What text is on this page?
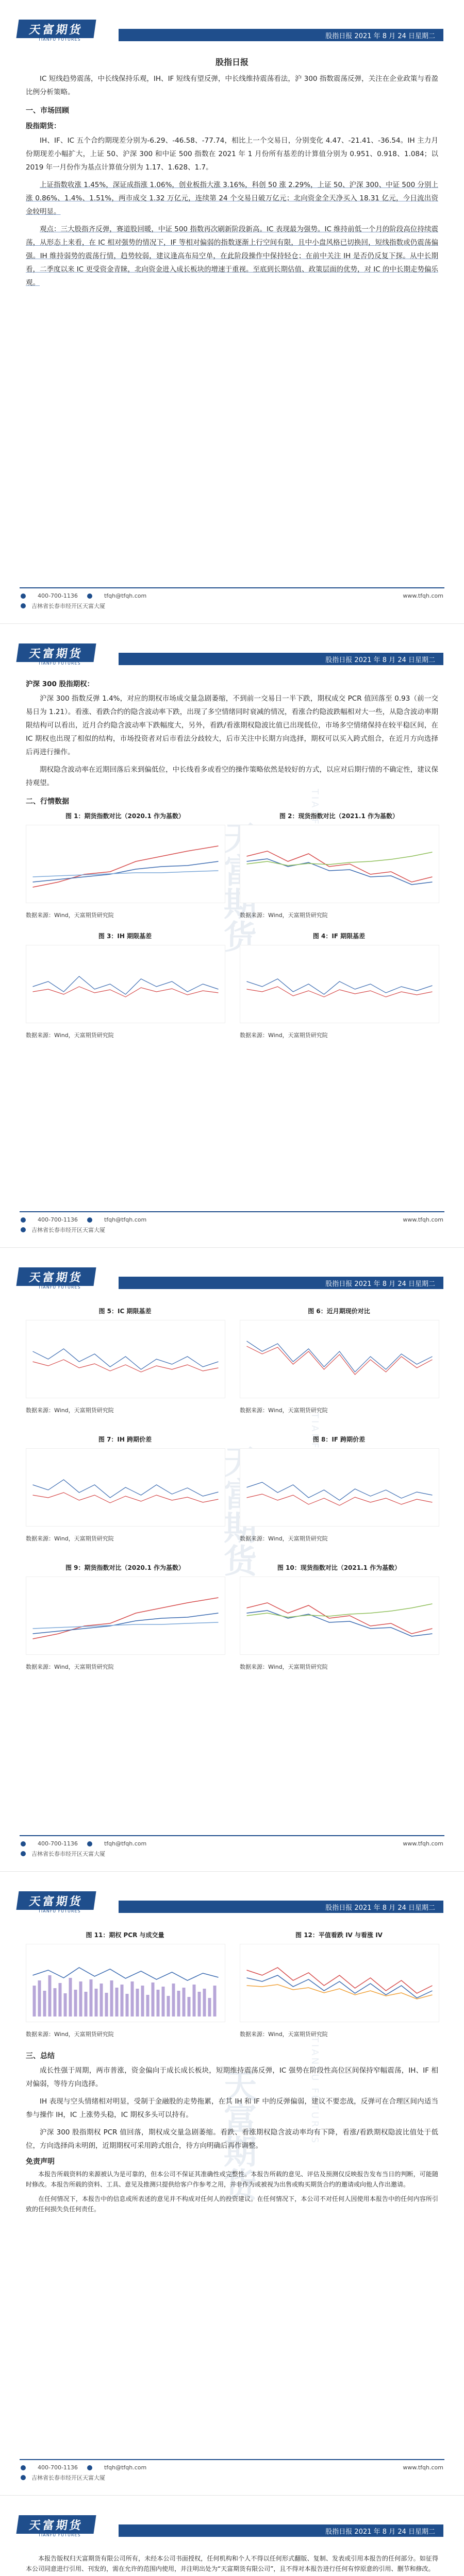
天富期货
TIANFU FUTURES	股指日报 2021 年 8 月 24 日星期二
股指日报
IC 短线趋势震荡，中长线保持乐观，IH、IF 短线有望反弹，中长线维持震荡看法，沪 300 指数震荡反弹，关注在企业政策与看盈比例分析策略。
一、市场回顾
股指期货：
IH、IF、IC 五个合约期现差分别为-6.29、-46.58、-77.74，相比上一个交易日，分别变化 4.47、-21.41、-36.54。IH 主力月份期现差小幅扩大，上证 50、沪深 300 和中证 500 指数在 2021 年 1 月份所有基差的计算值分别为 0.951、0.918、1.084；以 2019 年一月份作为基点计算值分别为 1.17、1.628、1.7。
上证指数收涨 1.45%，深证成指涨 1.06%，创业板指大涨 3.16%，科创 50 涨 2.29%，上证 50、沪深 300、中证 500 分别上涨 0.86%、1.4%、1.51%，两市成交 1.32 万亿元，连续第 24 个交易日破万亿元；北向资金全天净买入 18.31 亿元，今日流出资金较明显。
观点：三大股指齐反弹，赛道股回暖，中证 500 指数再次刷新阶段新高。IC 表现最为强势。IC 维持前低一个月的阶段高位持续震荡，从形态上来看，在 IC 相对强势的情况下，IF 等相对偏弱的指数逐渐上行空间有限，且中小盘风格已切换回，短线指数或仍震荡偏强。IH 维持弱势的震荡行情，趋势较弱，建议逢高布局空单，在此阶段操作中保持轻仓；在前中关注 IH 是否仍反复下探。从中长期看，二季度以来 IC 更受资金青睐，北向资金进入成长板块的增速于重视。至底到长期估值、政策层面的优势，对 IC 的中长期走势偏乐观。
400-700-1136	tfqh@tfqh.com
吉林省长春市经开区天富大厦
www.tfqh.com
天富期货
TIANFU FUTURES	股指日报 2021 年 8 月 24 日星期二
天富期货	TIANFU FUTURES
沪深 300 股指期权：
沪深 300 指数反弹 1.4%，对应的期权市场成交量急剧萎缩，不到前一交易日一半下跌，期权成交 PCR 值回落至 0.93（前一交易日为 1.21）。看涨、看跌合约的隐含波动率下跌，出现了多空情绪同时衰减的情况，看涨合约隐波跌幅相对大一些，从隐含波动率期限结构可以看出，近月合约隐含波动率下跌幅度大，另外，看跌/看涨期权隐波比值已出现低位，市场多空情绪保持在较平稳区间，在 IC 期权也出现了相似的结构，市场投资者对后市看法分歧较大，后市关注中长期方向选择，期权可以买入跨式组合，在近月方向选择后再进行操作。
期权隐含波动率在近期回落后来到偏低位，中长线看多或看空的操作策略依然是较好的方式，以应对后期行情的不确定性，建议保持观望。
二、行情数据
图 1：期货指数对比（2020.1 作为基数）
数据来源：Wind，天富期货研究院
图 2：现货指数对比（2021.1 作为基数）
数据来源：Wind，天富期货研究院
图 3：IH 期限基差
数据来源：Wind，天富期货研究院
图 4：IF 期限基差
数据来源：Wind，天富期货研究院
400-700-1136	tfqh@tfqh.com
吉林省长春市经开区天富大厦
www.tfqh.com
天富期货
TIANFU FUTURES	股指日报 2021 年 8 月 24 日星期二
天富期货	TIANFU FUTURES
图 5：IC 期限基差
数据来源：Wind，天富期货研究院
图 6：近月期现价对比
数据来源：Wind，天富期货研究院
图 7：IH 跨期价差
数据来源：Wind，天富期货研究院
图 8：IF 跨期价差
数据来源：Wind，天富期货研究院
图 9：期货指数对比（2020.1 作为基数）
数据来源：Wind，天富期货研究院
图 10：现货指数对比（2021.1 作为基数）
数据来源：Wind，天富期货研究院
400-700-1136	tfqh@tfqh.com
吉林省长春市经开区天富大厦
www.tfqh.com
天富期货
TIANFU FUTURES	股指日报 2021 年 8 月 24 日星期二
天富期货	TIANFU FUTURES
图 11：期权 PCR 与成交量
数据来源：Wind，天富期货研究院
图 12：平值看跌 IV 与看涨 IV
数据来源：Wind，天富期货研究院
三、总结
成长性强于周期，两市普涨，资金偏向于成长成长板块，短期维持震荡反弹，IC 强势在阶段性高位区间保持窄幅震荡，IH、IF 相对偏弱，等待方向选择。
IH 表现与空头情绪相对明显，受制于金融股的走势拖累，在其 IH 和 IF 中的反弹偏弱，建议不要恋战，反弹可在合理区间内适当参与操作 IH，IC 上涨势头稳，IC 期权多头可以持有。
沪深 300 股指期权 PCR 值回落，期权成交量急剧萎缩。看跌、看涨期权隐含波动率均有下降，看涨/看跌期权隐波比值处于低位，方向选择尚未明朗，近期期权可采用跨式组合，待方向明确后再作调整。
免责声明
本报告所载资料的来源被认为是可靠的，但本公司不保证其准确性或完整性。本报告所载的意见、评估及预测仅反映报告发布当日的判断，可能随时修改。本报告所载的资料、工具、意见及推测只提供给客户作参考之用，并非作为或被视为出售或购买期货合约的邀请或向他人作出邀请。
在任何情况下，本报告中的信息或所表述的意见并不构成对任何人的投资建议。在任何情况下，本公司不对任何人因使用本报告中的任何内容所引致的任何损失负任何责任。
400-700-1136	tfqh@tfqh.com
吉林省长春市经开区天富大厦
www.tfqh.com
天富期货
TIANFU FUTURES	股指日报 2021 年 8 月 24 日星期二
本报告版权归天富期货有限公司所有，未经本公司书面授权，任何机构和个人不得以任何形式翻版、复制、发表或引用本报告的任何部分。如征得本公司同意进行引用、刊发的，需在允许的范围内使用，并注明出处为“天富期货有限公司”，且不得对本报告进行任何有悖原意的引用、删节和修改。
